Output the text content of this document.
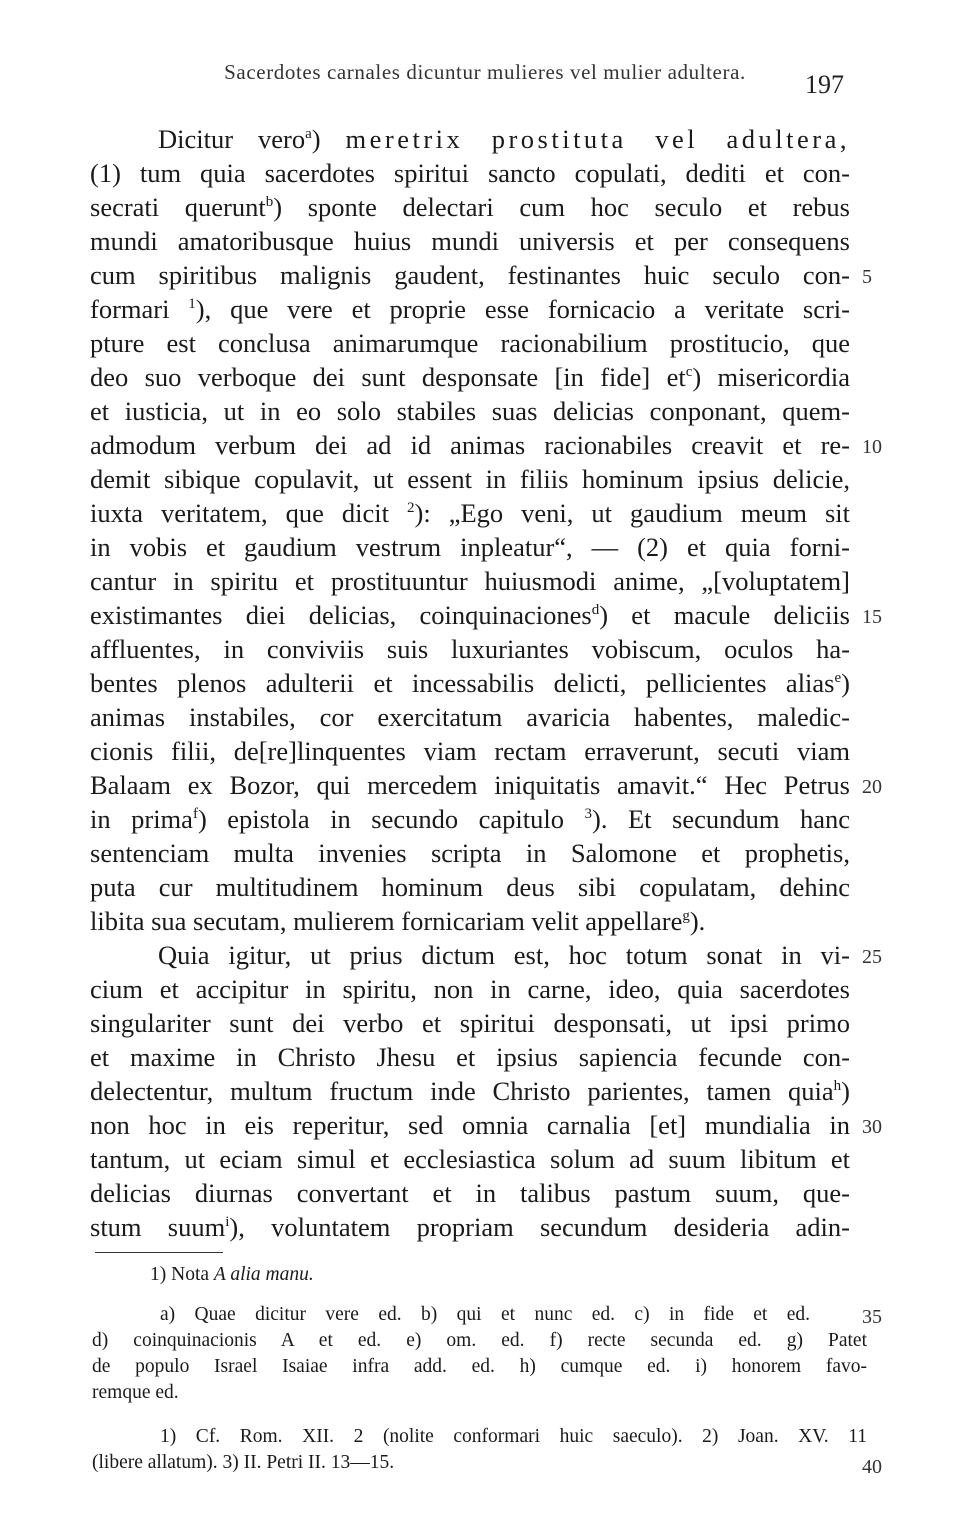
Sacerdotes carnales dicuntur mulieres vel mulier adultera.	197
Dicitur vero$^a$) meretrix prostituta vel adultera,
(1) tum quia sacerdotes spiritui sancto copulati, dediti et con-
secrati querunt$^b$) sponte delectari cum hoc seculo et rebus
mundi amatoribusque huius mundi universis et per consequens
cum spiritibus malignis gaudent, festinantes huic seculo con-
formari $^1$), que vere et proprie esse fornicacio a veritate scri-
pture est conclusa animarumque racionabilium prostitucio, que
deo suo verboque dei sunt desponsate [in fide] $et^c$) misericordia
et iusticia, ut in eo solo stabiles suas delicias conponant, quem-
admodum verbum dei ad id animas racionabiles creavit et re-
demit sibique copulavit, ut essent in filiis hominum ipsius delicie,
iuxta veritatem, que dicit $^2$): „Ego veni, ut gaudium meum sit
in vobis et gaudium vestrum inpleatur“, — (2) et quia forni-
cantur in spiritu et prostituuntur huiusmodi anime, „[voluptatem]
existimantes diei delicias, coinquinaciones$^d$) et macule deliciis
affluentes, in conviviis suis luxuriantes vobiscum, oculos ha-
bentes plenos adulterii et incessabilis delicti, pellicientes alias$^e$)
animas instabiles, cor exercitatum avaricia habentes, maledic-
cionis filii, de[re]linquentes viam rectam erraverunt, secuti viam
Balaam ex Bozor, qui mercedem iniquitatis amavit.“ Hec Petrus
in prima$^f$) epistola in secundo capitulo $^3$). Et secundum hanc
sentenciam multa invenies scripta in Salomone et prophetis,
puta cur multitudinem hominum deus sibi copulatam, dehinc
libita sua secutam, mulierem fornicariam velit appellare$^g$).
Quia igitur, ut prius dictum est, hoc totum sonat in vi-
cium et accipitur in spiritu, non in carne, ideo, quia sacerdotes
singulariter sunt dei verbo et spiritui desponsati, ut ipsi primo
et maxime in Christo Jhesu et ipsius sapiencia fecunde con-
delectentur, multum fructum inde Christo parientes, tamen quia$^h$)
non hoc in eis reperitur, sed omnia carnalia [et] mundialia in
tantum, ut eciam simul et ecclesiastica solum ad suum libitum et
delicias diurnas convertant et in talibus pastum suum, que-
stum suum$^i$), voluntatem propriam secundum desideria adin-
5
10
15
20
25
30
1) Nota A alia manu.
a) Quae dicitur vere ed. b) qui et nunc ed. c) in fide et ed.
d) coinquinacionis A et ed. e) om. ed. f) recte secunda ed. g) Patet
de populo Israel Isaiae infra add. ed. h) cumque ed. i) honorem favo-
remque ed.
1) Cf. Rom. XII. 2 (nolite conformari huic saeculo). 2) Joan. XV. 11
(libere allatum). 3) II. Petri II. 13—15.
35
40
